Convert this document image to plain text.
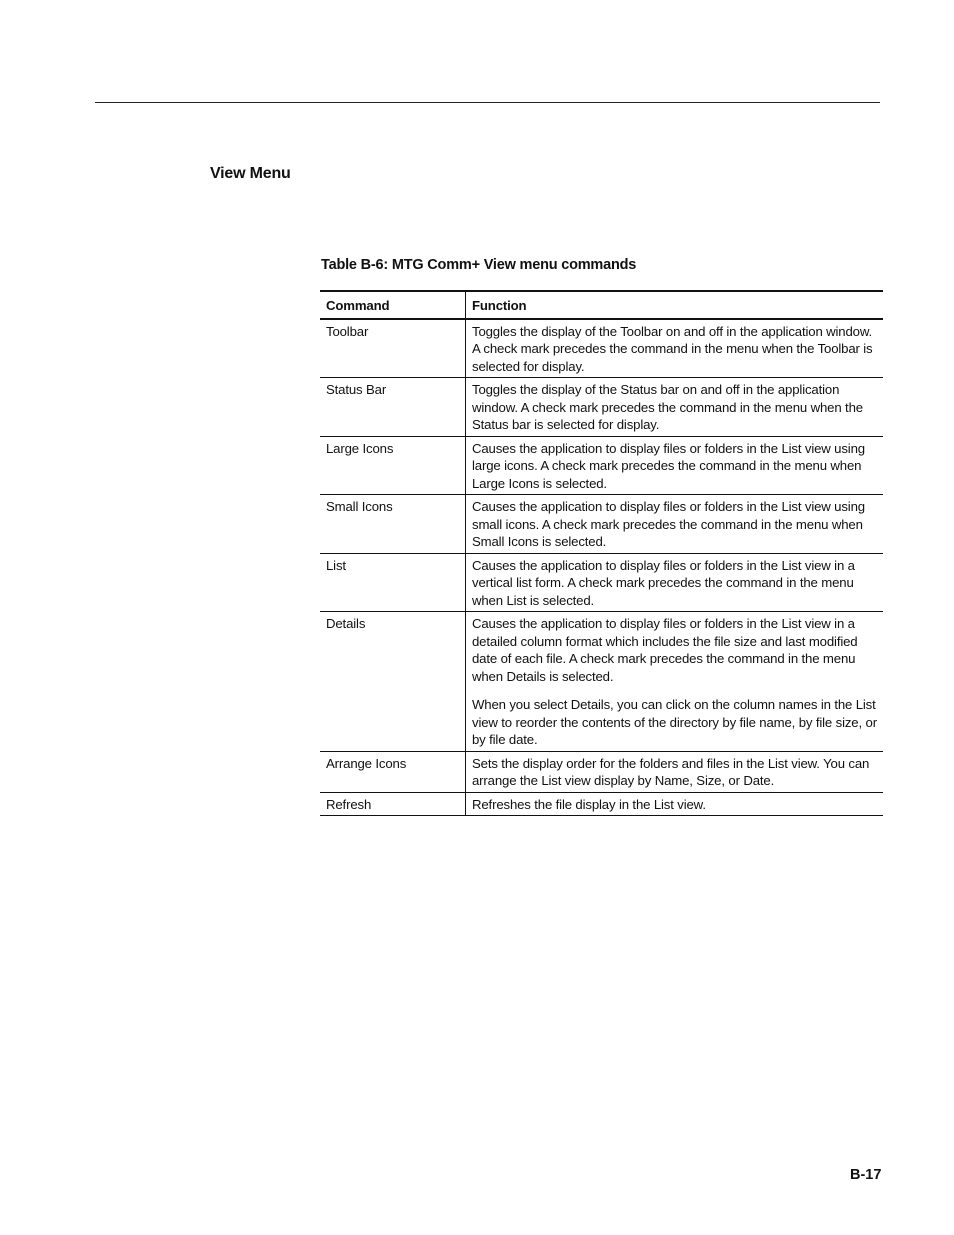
View Menu
Table B-6: MTG Comm+ View menu commands
Command	Function
Toolbar	Toggles the display of the Toolbar on and off in the application window. A check mark precedes the command in the menu when the Toolbar is selected for display.

Status Bar	Toggles the display of the Status bar on and off in the application window. A check mark precedes the command in the menu when the Status bar is selected for display.

Large Icons	Causes the application to display files or folders in the List view using large icons. A check mark precedes the command in the menu when Large Icons is selected.

Small Icons	Causes the application to display files or folders in the List view using small icons. A check mark precedes the command in the menu when Small Icons is selected.

List	Causes the application to display files or folders in the List view in a vertical list form. A check mark precedes the command in the menu when List is selected.

Details	Causes the application to display files or folders in the List view in a detailed column format which includes the file size and last modified date of each file. A check mark precedes the command in the menu when Details is selected.

When you select Details, you can click on the column names in the List view to reorder the contents of the directory by file name, by file size, or by file date.

Arrange Icons	Sets the display order for the folders and files in the List view. You can arrange the List view display by Name, Size, or Date.

Refresh	Refreshes the file display in the List view.

B-17
